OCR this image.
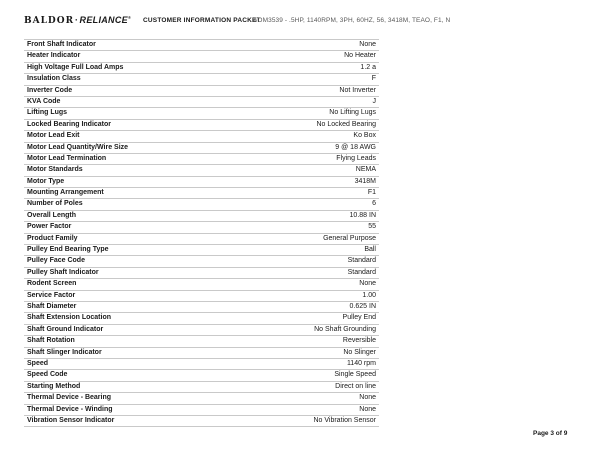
BALDOR·RELIANCE® CUSTOMER INFORMATION PACKET
AOM3539 - .5HP, 1140RPM, 3PH, 60HZ, 56, 3418M, TEAO, F1, N
Front Shaft Indicator	None
Heater Indicator	No Heater
High Voltage Full Load Amps	1.2 a
Insulation Class	F
Inverter Code	Not Inverter
KVA Code	J
Lifting Lugs	No Lifting Lugs
Locked Bearing Indicator	No Locked Bearing
Motor Lead Exit	Ko Box
Motor Lead Quantity/Wire Size	9 @ 18 AWG
Motor Lead Termination	Flying Leads
Motor Standards	NEMA
Motor Type	3418M
Mounting Arrangement	F1
Number of Poles	6
Overall Length	10.88 IN
Power Factor	55
Product Family	General Purpose
Pulley End Bearing Type	Ball
Pulley Face Code	Standard
Pulley Shaft Indicator	Standard
Rodent Screen	None
Service Factor	1.00
Shaft Diameter	0.625 IN
Shaft Extension Location	Pulley End
Shaft Ground Indicator	No Shaft Grounding
Shaft Rotation	Reversible
Shaft Slinger Indicator	No Slinger
Speed	1140 rpm
Speed Code	Single Speed
Starting Method	Direct on line
Thermal Device - Bearing	None
Thermal Device - Winding	None
Vibration Sensor Indicator	No Vibration Sensor
Page 3 of 9
